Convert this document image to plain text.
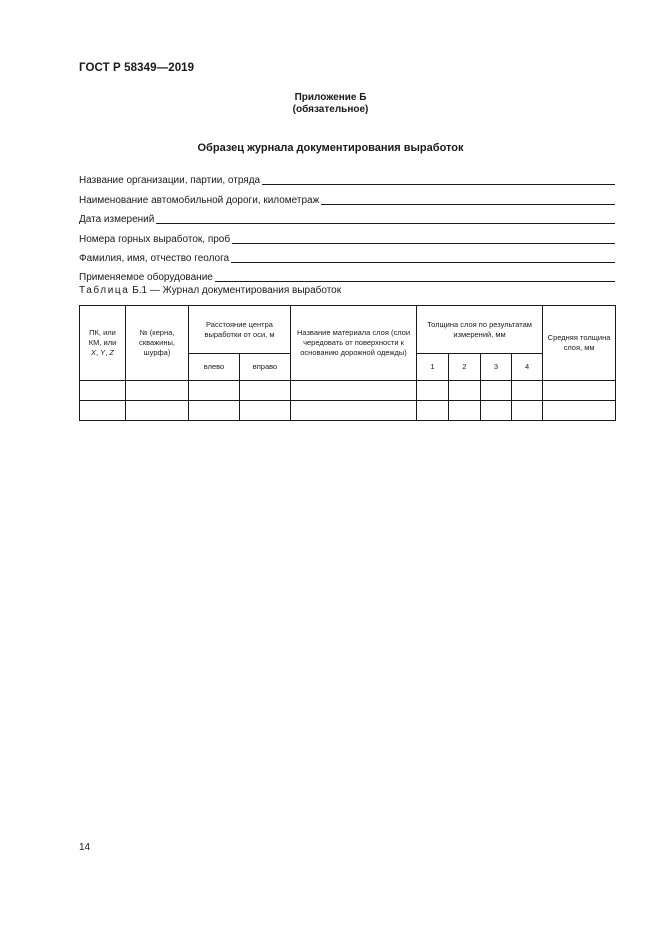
ГОСТ Р 58349—2019
Приложение Б
(обязательное)
Образец журнала документирования выработок
Название организации, партии, отряда
Наименование автомобильной дороги, километраж
Дата измерений
Номера горных выработок, проб
Фамилия, имя, отчество геолога
Применяемое оборудование
Таблица Б.1 — Журнал документирования выработок
ПК, или
КМ, или
X, Y, Z	№ (керна, скважины, шурфа)	Расстояние центра выработки от оси, м		Название материала слоя (слои чередовать от поверхности к основанию дорожной одежды)	Толщина слоя по результатам измерений, мм				Средняя толщина слоя, мм
		влево	вправо		1	2	3	4	

14
